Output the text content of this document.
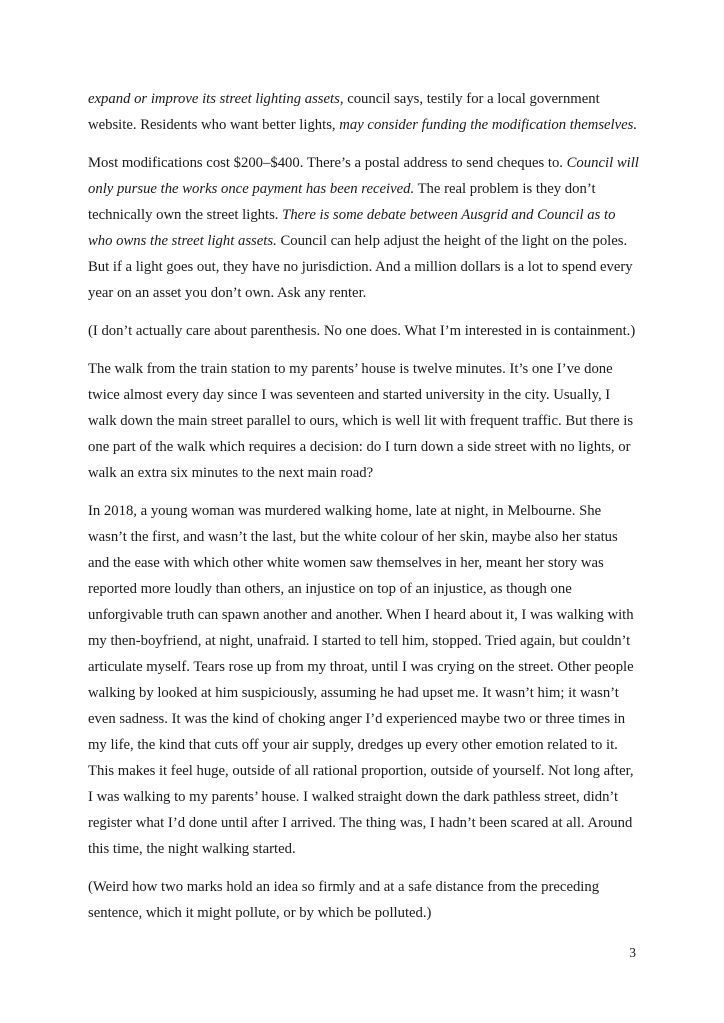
expand or improve its street lighting assets, council says, testily for a local government website. Residents who want better lights, may consider funding the modification themselves.

Most modifications cost $200–$400. There’s a postal address to send cheques to. Council will only pursue the works once payment has been received. The real problem is they don’t technically own the street lights. There is some debate between Ausgrid and Council as to who owns the street light assets. Council can help adjust the height of the light on the poles. But if a light goes out, they have no jurisdiction. And a million dollars is a lot to spend every year on an asset you don’t own. Ask any renter.

(I don’t actually care about parenthesis. No one does. What I’m interested in is containment.)

The walk from the train station to my parents’ house is twelve minutes. It’s one I’ve done twice almost every day since I was seventeen and started university in the city. Usually, I walk down the main street parallel to ours, which is well lit with frequent traffic. But there is one part of the walk which requires a decision: do I turn down a side street with no lights, or walk an extra six minutes to the next main road?

In 2018, a young woman was murdered walking home, late at night, in Melbourne. She wasn’t the first, and wasn’t the last, but the white colour of her skin, maybe also her status and the ease with which other white women saw themselves in her, meant her story was reported more loudly than others, an injustice on top of an injustice, as though one unforgivable truth can spawn another and another. When I heard about it, I was walking with my then-boyfriend, at night, unafraid. I started to tell him, stopped. Tried again, but couldn’t articulate myself. Tears rose up from my throat, until I was crying on the street. Other people walking by looked at him suspiciously, assuming he had upset me. It wasn’t him; it wasn’t even sadness. It was the kind of choking anger I’d experienced maybe two or three times in my life, the kind that cuts off your air supply, dredges up every other emotion related to it. This makes it feel huge, outside of all rational proportion, outside of yourself. Not long after, I was walking to my parents’ house. I walked straight down the dark pathless street, didn’t register what I’d done until after I arrived. The thing was, I hadn’t been scared at all. Around this time, the night walking started.

(Weird how two marks hold an idea so firmly and at a safe distance from the preceding sentence, which it might pollute, or by which be polluted.)

3
